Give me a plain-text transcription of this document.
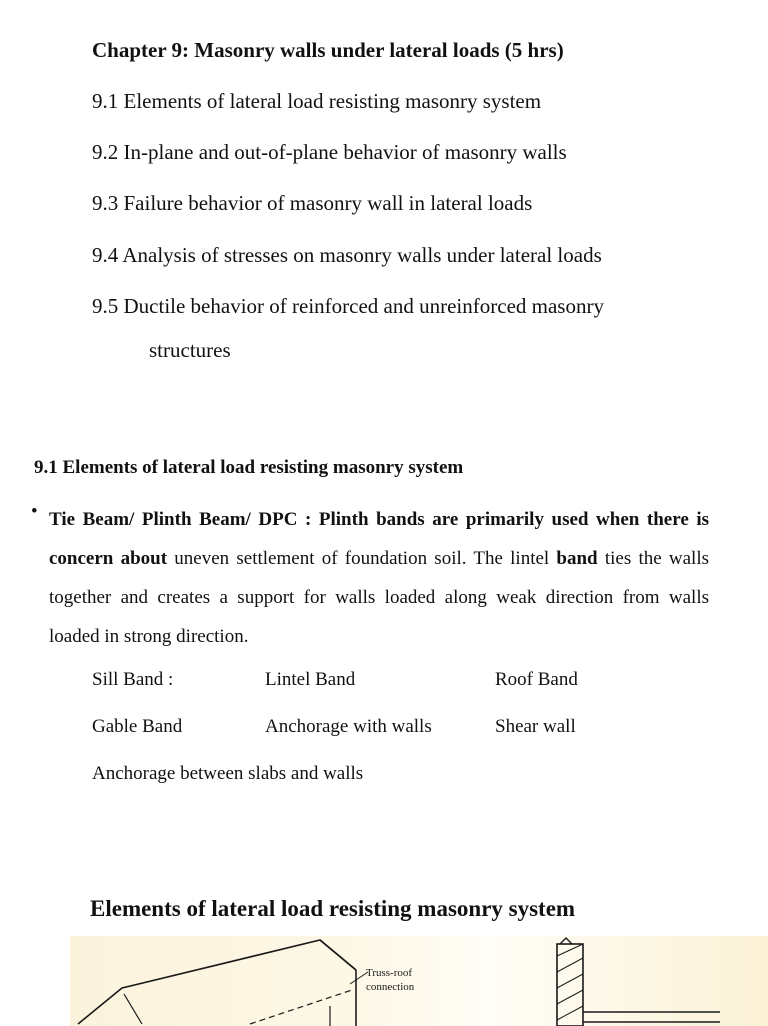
Chapter 9: Masonry walls under lateral loads (5 hrs)
9.1 Elements of lateral load resisting masonry system
9.2 In-plane and out-of-plane behavior of masonry walls
9.3 Failure behavior of masonry wall in lateral loads
9.4 Analysis of stresses on masonry walls under lateral loads
9.5 Ductile behavior of reinforced and unreinforced masonry
structures
9.1 Elements of lateral load resisting masonry system
• Tie Beam/ Plinth Beam/ DPC : Plinth bands are primarily used when there is concern about uneven settlement of foundation soil. The lintel band ties the walls together and creates a support for walls loaded along weak direction from walls loaded in strong direction.
Sill Band :	Lintel Band	Roof Band
Gable Band	Anchorage with walls	Shear wall
Anchorage between slabs and walls
Elements of lateral load resisting masonry system
Truss-roof
connection
